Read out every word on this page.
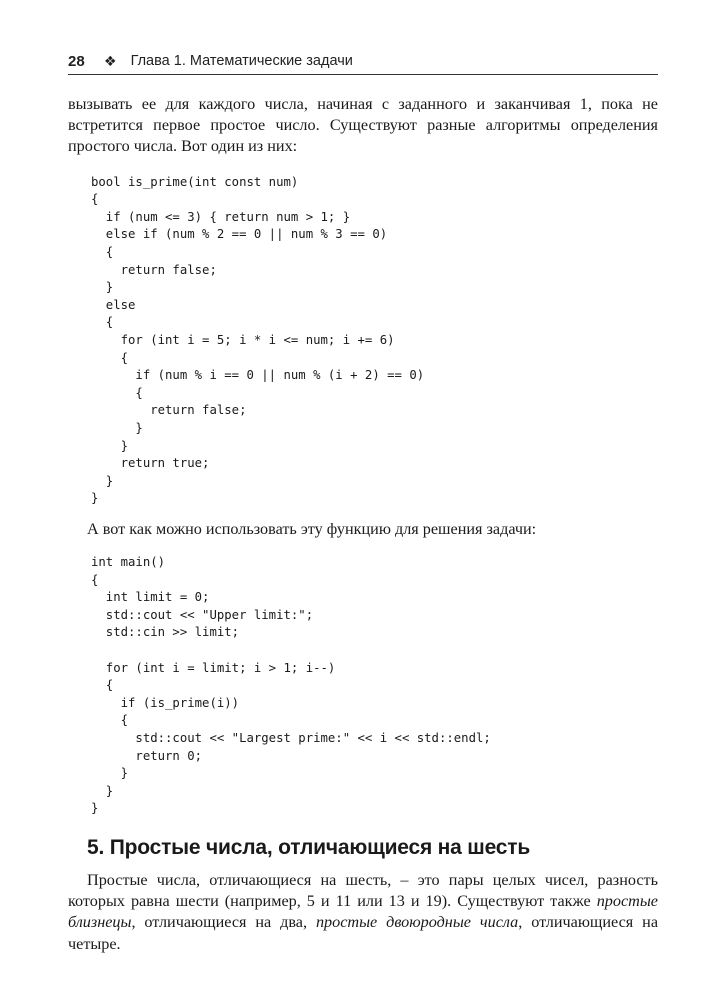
28	❖ Глава 1. Математические задачи

вызывать ее для каждого числа, начиная с заданного и заканчивая 1, пока не встретится первое простое число. Существуют разные алгоритмы определения простого числа. Вот один из них:

bool is_prime(int const num)
{
if (num <= 3) { return num > 1; }
else if (num % 2 == 0 || num % 3 == 0)
{
return false;
}
else
{
for (int i = 5; i * i <= num; i += 6)
{
if (num % i == 0 || num % (i + 2) == 0)
{
return false;
}
}
return true;
}
}

А вот как можно использовать эту функцию для решения задачи:

int main()
{
int limit = 0;
std::cout << "Upper limit:";
std::cin >> limit;

for (int i = limit; i > 1; i--)
{
if (is_prime(i))
{
std::cout << "Largest prime:" << i << std::endl;
return 0;
}
}
}
5. Простые числа, отличающиеся на шесть

Простые числа, отличающиеся на шесть, – это пары целых чисел, разность которых равна шести (например, 5 и 11 или 13 и 19). Существуют также простые близнецы, отличающиеся на два, простые двоюродные числа, отличающиеся на четыре.
